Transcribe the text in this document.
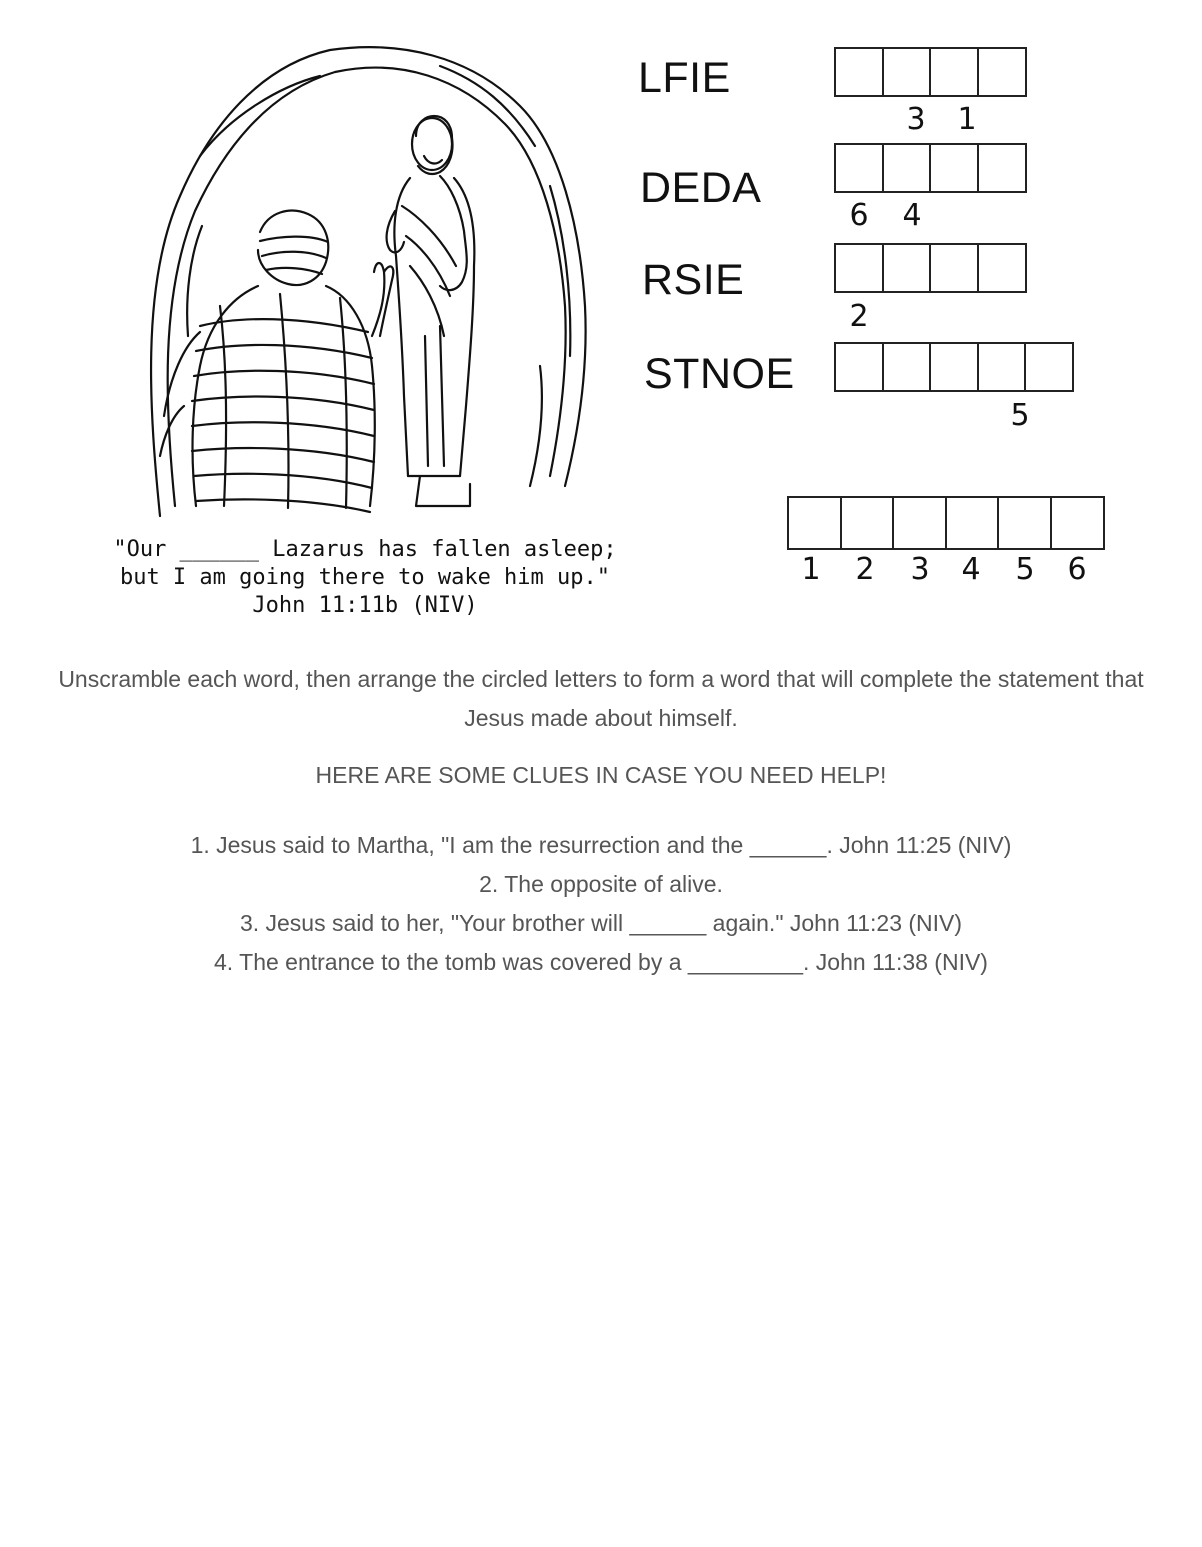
"Our ______ Lazarus has fallen asleep;
but I am going there to wake him up."
John 11:11b (NIV)
LFIE
DEDA
RSIE
STNOE
3 1
6 4
2
5
1 2 3 4 5 6
Unscramble each word, then arrange the circled letters to form a word that will complete the statement that Jesus made about himself.
HERE ARE SOME CLUES IN CASE YOU NEED HELP!
1. Jesus said to Martha, "I am the resurrection and the ______. John 11:25 (NIV)
2. The opposite of alive.
3. Jesus said to her, "Your brother will ______ again." John 11:23 (NIV)
4. The entrance to the tomb was covered by a _________. John 11:38 (NIV)
